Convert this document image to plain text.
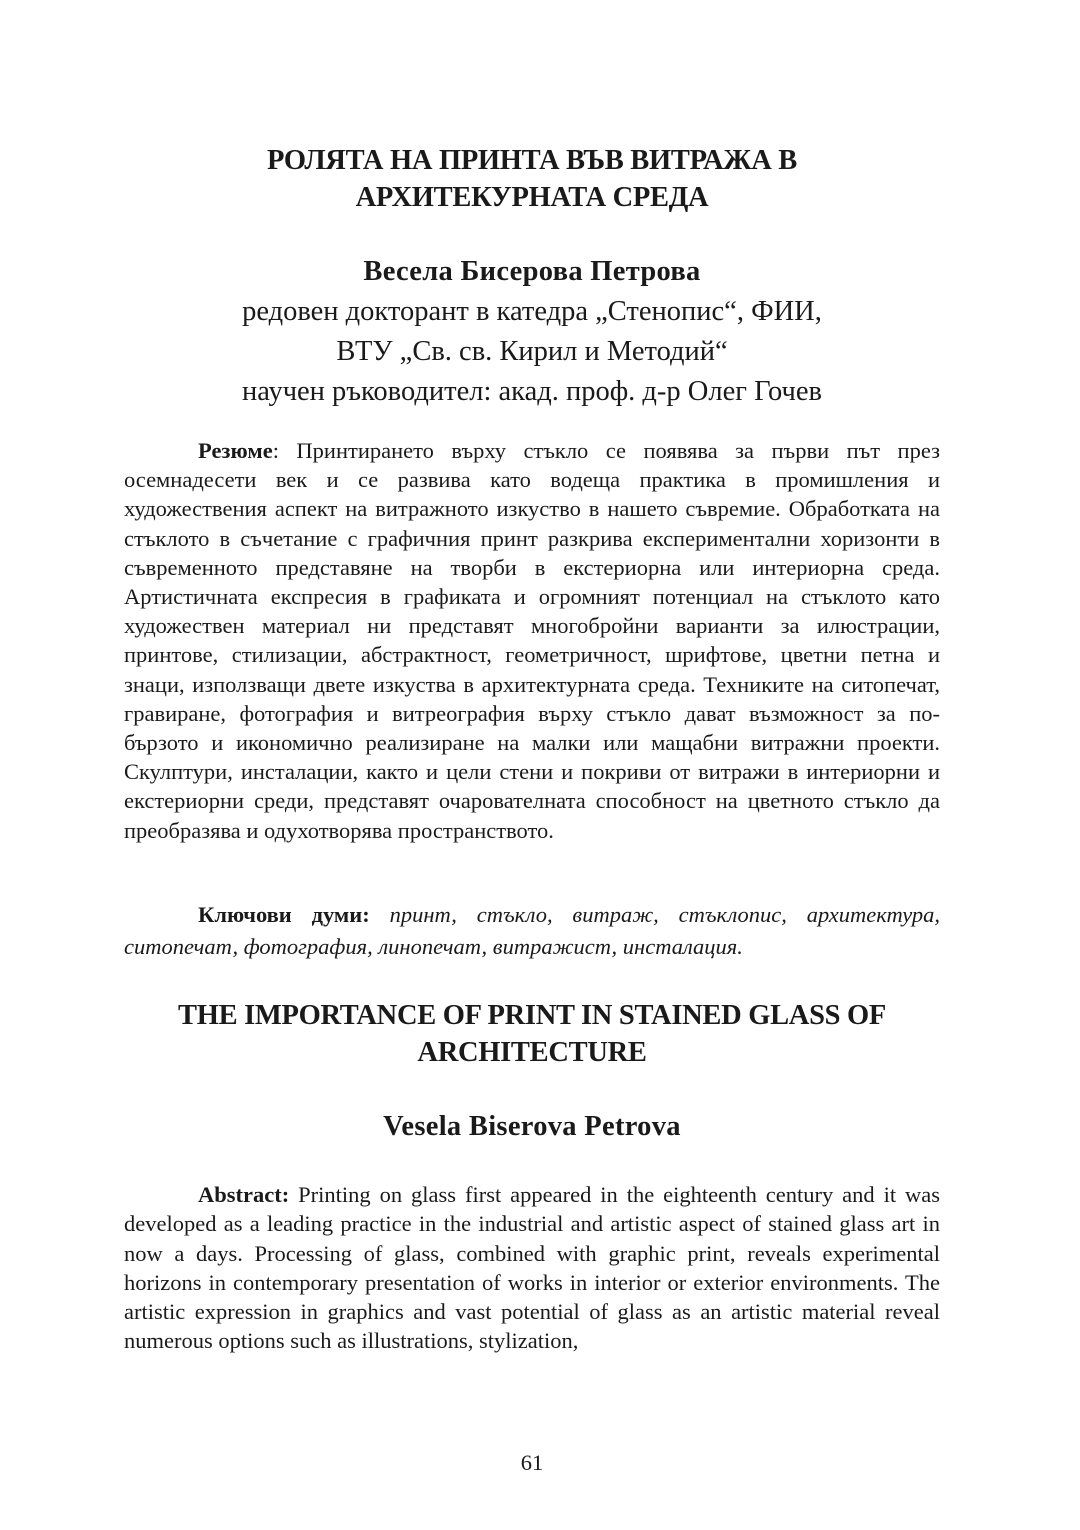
РОЛЯТА НА ПРИНТА ВЪВ ВИТРАЖА В
АРХИТЕКУРНАТА СРЕДА
Весела Бисерова Петрова
редовен докторант в катедра „Стенопис“, ФИИ,
ВТУ „Св. св. Кирил и Методий“
научен ръководител: акад. проф. д-р Олег Гочев

Резюме: Принтирането върху стъкло се появява за първи път през осемнадесети век и се развива като водеща практика в промишления и художествения аспект на витражното изкуство в нашето съвремие. Обработката на стъклото в съчетание с графичния принт разкрива експериментални хоризонти в съвременното представяне на творби в екстериорна или интериорна среда. Артистичната експресия в графиката и огромният потенциал на стъклото като художествен материал ни представят многобройни варианти за илюстрации, принтове, стилизации, абстрактност, геометричност, шрифтове, цветни петна и знаци, използващи двете изкуства в архитектурната среда. Техниките на ситопечат, гравиране, фотография и витреография върху стъкло дават възможност за по-бързото и икономично реализиране на малки или мащабни витражни проекти. Скулптури, инсталации, както и цели стени и покриви от витражи в интериорни и екстериорни среди, представят очарователната способност на цветното стъкло да преобразява и одухотворява пространството.

Ключови думи: принт, стъкло, витраж, стъклопис, архитектура, ситопечат, фотография, линопечат, витражист, инсталация.

THE IMPORTANCE OF PRINT IN STAINED GLASS OF
ARCHITECTURE
Vesela Biserova Petrova

Abstract: Printing on glass first appeared in the eighteenth century and it was developed as a leading practice in the industrial and artistic aspect of stained glass art in now a days. Processing of glass, combined with graphic print, reveals experimental horizons in contemporary presentation of works in interior or exterior environments. The artistic expression in graphics and vast potential of glass as an artistic material reveal numerous options such as illustrations, stylization,

61
